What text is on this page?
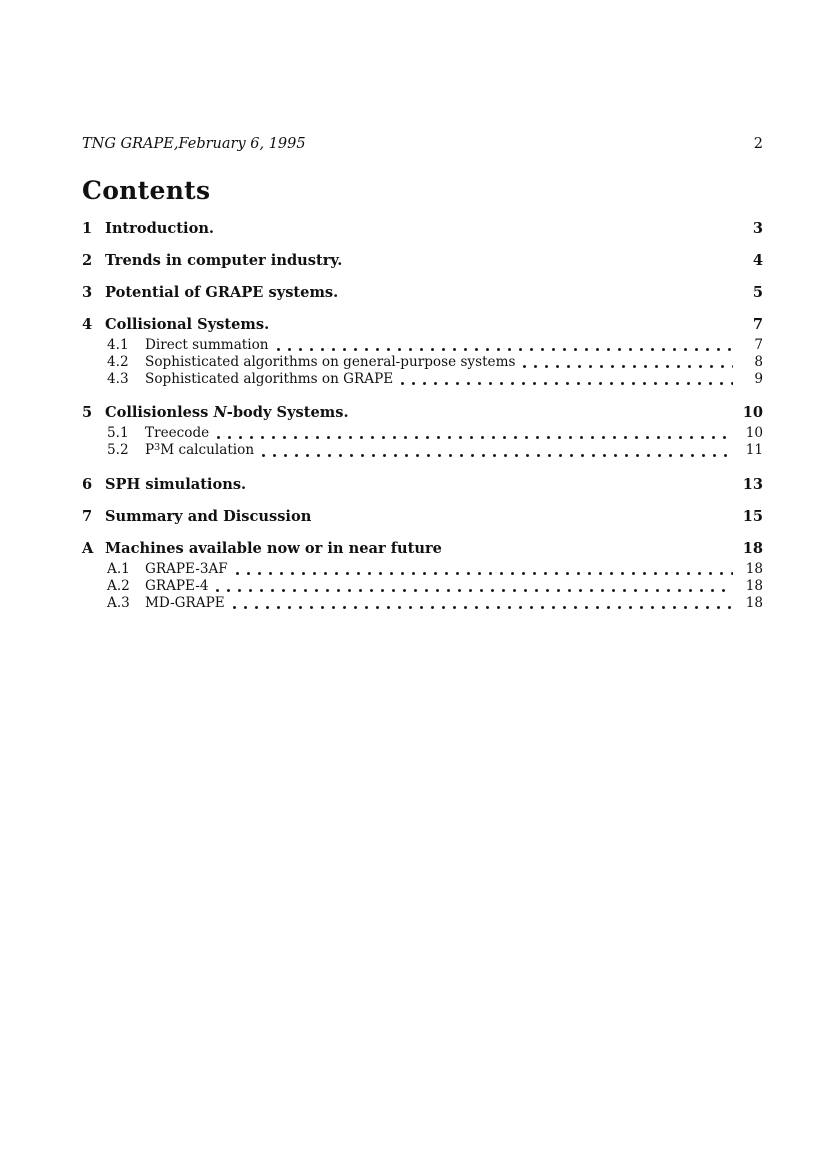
TNG GRAPE,February 6, 1995	2
Contents
1 Introduction.	3
2 Trends in computer industry.	4
3 Potential of GRAPE systems.	5
4 Collisional Systems.	7
4.1	Direct summation	7
4.2	Sophisticated algorithms on general-purpose systems	8
4.3	Sophisticated algorithms on GRAPE	9
5 Collisionless N-body Systems.	10
5.1	Treecode	10
5.2	$P^3M$ calculation	11
6 SPH simulations.	13
7 Summary and Discussion	15
A Machines available now or in near future	18
A.1	GRAPE-3AF	18
A.2	GRAPE-4	18
A.3	MD-GRAPE	18
